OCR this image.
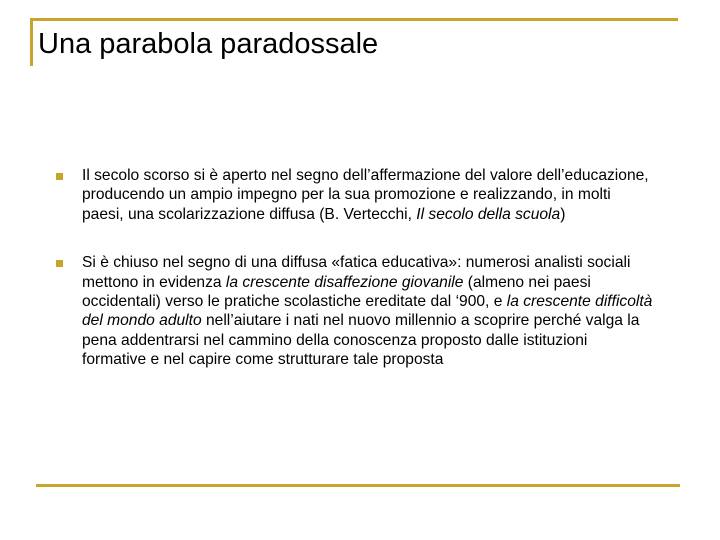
Una parabola paradossale
Il secolo scorso si è aperto nel segno dell’affermazione del valore dell’educazione, producendo un ampio impegno per la sua promozione e realizzando, in molti paesi, una scolarizzazione diffusa (B. Vertecchi, Il secolo della scuola)
Si è chiuso nel segno di una diffusa «fatica educativa»: numerosi analisti sociali mettono in evidenza la crescente disaffezione giovanile (almeno nei paesi occidentali) verso le pratiche scolastiche ereditate dal ‘900, e la crescente difficoltà del mondo adulto nell’aiutare i nati nel nuovo millennio a scoprire perché valga la pena addentrarsi nel cammino della conoscenza proposto dalle istituzioni formative e nel capire come strutturare tale proposta
